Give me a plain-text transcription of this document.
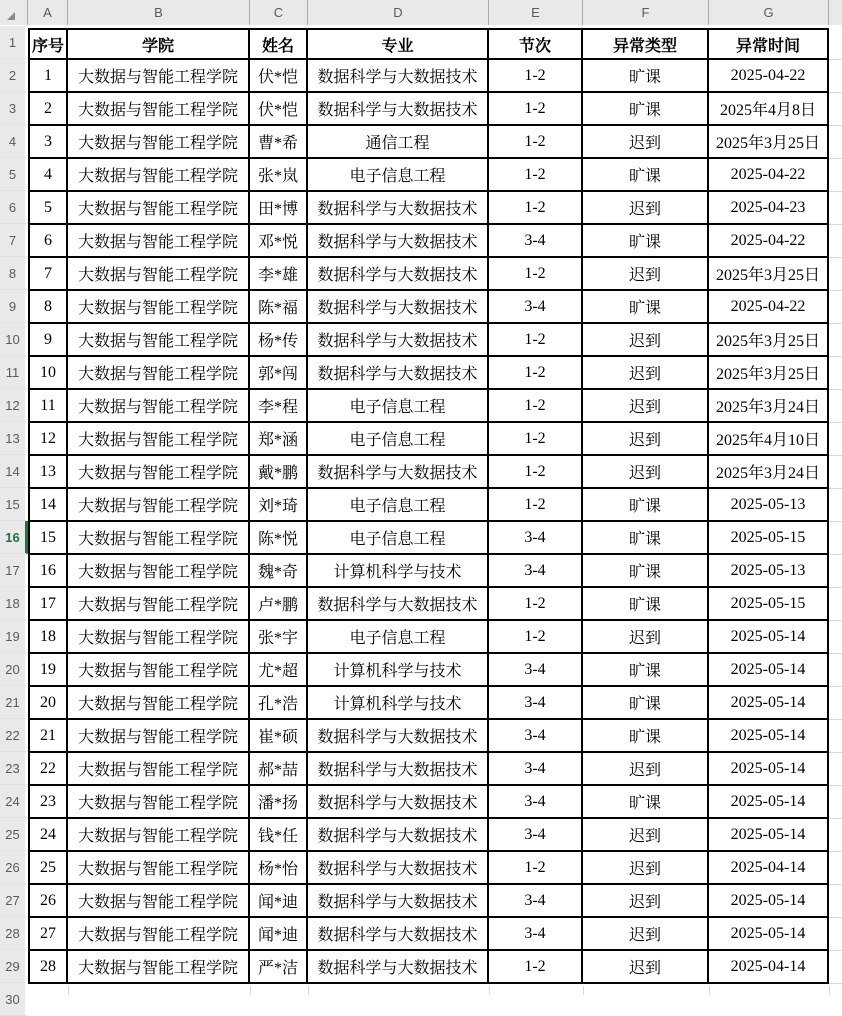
A	B	C	D	E	F	G
1
2
3
4
5
6
7
8
9
10
11
12
13
14
15
16
17
18
19
20
21
22
23
24
25
26
27
28
29
30
序号	学院	姓名	专业	节次	异常类型	异常时间
1	大数据与智能工程学院	伏*恺	数据科学与大数据技术	1-2	旷课	2025-04-22
2	大数据与智能工程学院	伏*恺	数据科学与大数据技术	1-2	旷课	2025年4月8日
3	大数据与智能工程学院	曹*希	通信工程	1-2	迟到	2025年3月25日
4	大数据与智能工程学院	张*岚	电子信息工程	1-2	旷课	2025-04-22
5	大数据与智能工程学院	田*博	数据科学与大数据技术	1-2	迟到	2025-04-23
6	大数据与智能工程学院	邓*悦	数据科学与大数据技术	3-4	旷课	2025-04-22
7	大数据与智能工程学院	李*雄	数据科学与大数据技术	1-2	迟到	2025年3月25日
8	大数据与智能工程学院	陈*福	数据科学与大数据技术	3-4	旷课	2025-04-22
9	大数据与智能工程学院	杨*传	数据科学与大数据技术	1-2	迟到	2025年3月25日
10	大数据与智能工程学院	郭*闯	数据科学与大数据技术	1-2	迟到	2025年3月25日
11	大数据与智能工程学院	李*程	电子信息工程	1-2	迟到	2025年3月24日
12	大数据与智能工程学院	郑*涵	电子信息工程	1-2	迟到	2025年4月10日
13	大数据与智能工程学院	戴*鹏	数据科学与大数据技术	1-2	迟到	2025年3月24日
14	大数据与智能工程学院	刘*琦	电子信息工程	1-2	旷课	2025-05-13
15	大数据与智能工程学院	陈*悦	电子信息工程	3-4	旷课	2025-05-15
16	大数据与智能工程学院	魏*奇	计算机科学与技术	3-4	旷课	2025-05-13
17	大数据与智能工程学院	卢*鹏	数据科学与大数据技术	1-2	旷课	2025-05-15
18	大数据与智能工程学院	张*宇	电子信息工程	1-2	迟到	2025-05-14
19	大数据与智能工程学院	尤*超	计算机科学与技术	3-4	旷课	2025-05-14
20	大数据与智能工程学院	孔*浩	计算机科学与技术	3-4	旷课	2025-05-14
21	大数据与智能工程学院	崔*硕	数据科学与大数据技术	3-4	旷课	2025-05-14
22	大数据与智能工程学院	郝*喆	数据科学与大数据技术	3-4	迟到	2025-05-14
23	大数据与智能工程学院	潘*扬	数据科学与大数据技术	3-4	旷课	2025-05-14
24	大数据与智能工程学院	钱*任	数据科学与大数据技术	3-4	迟到	2025-05-14
25	大数据与智能工程学院	杨*怡	数据科学与大数据技术	1-2	迟到	2025-04-14
26	大数据与智能工程学院	闻*迪	数据科学与大数据技术	3-4	迟到	2025-05-14
27	大数据与智能工程学院	闻*迪	数据科学与大数据技术	3-4	迟到	2025-05-14
28	大数据与智能工程学院	严*洁	数据科学与大数据技术	1-2	迟到	2025-04-14
